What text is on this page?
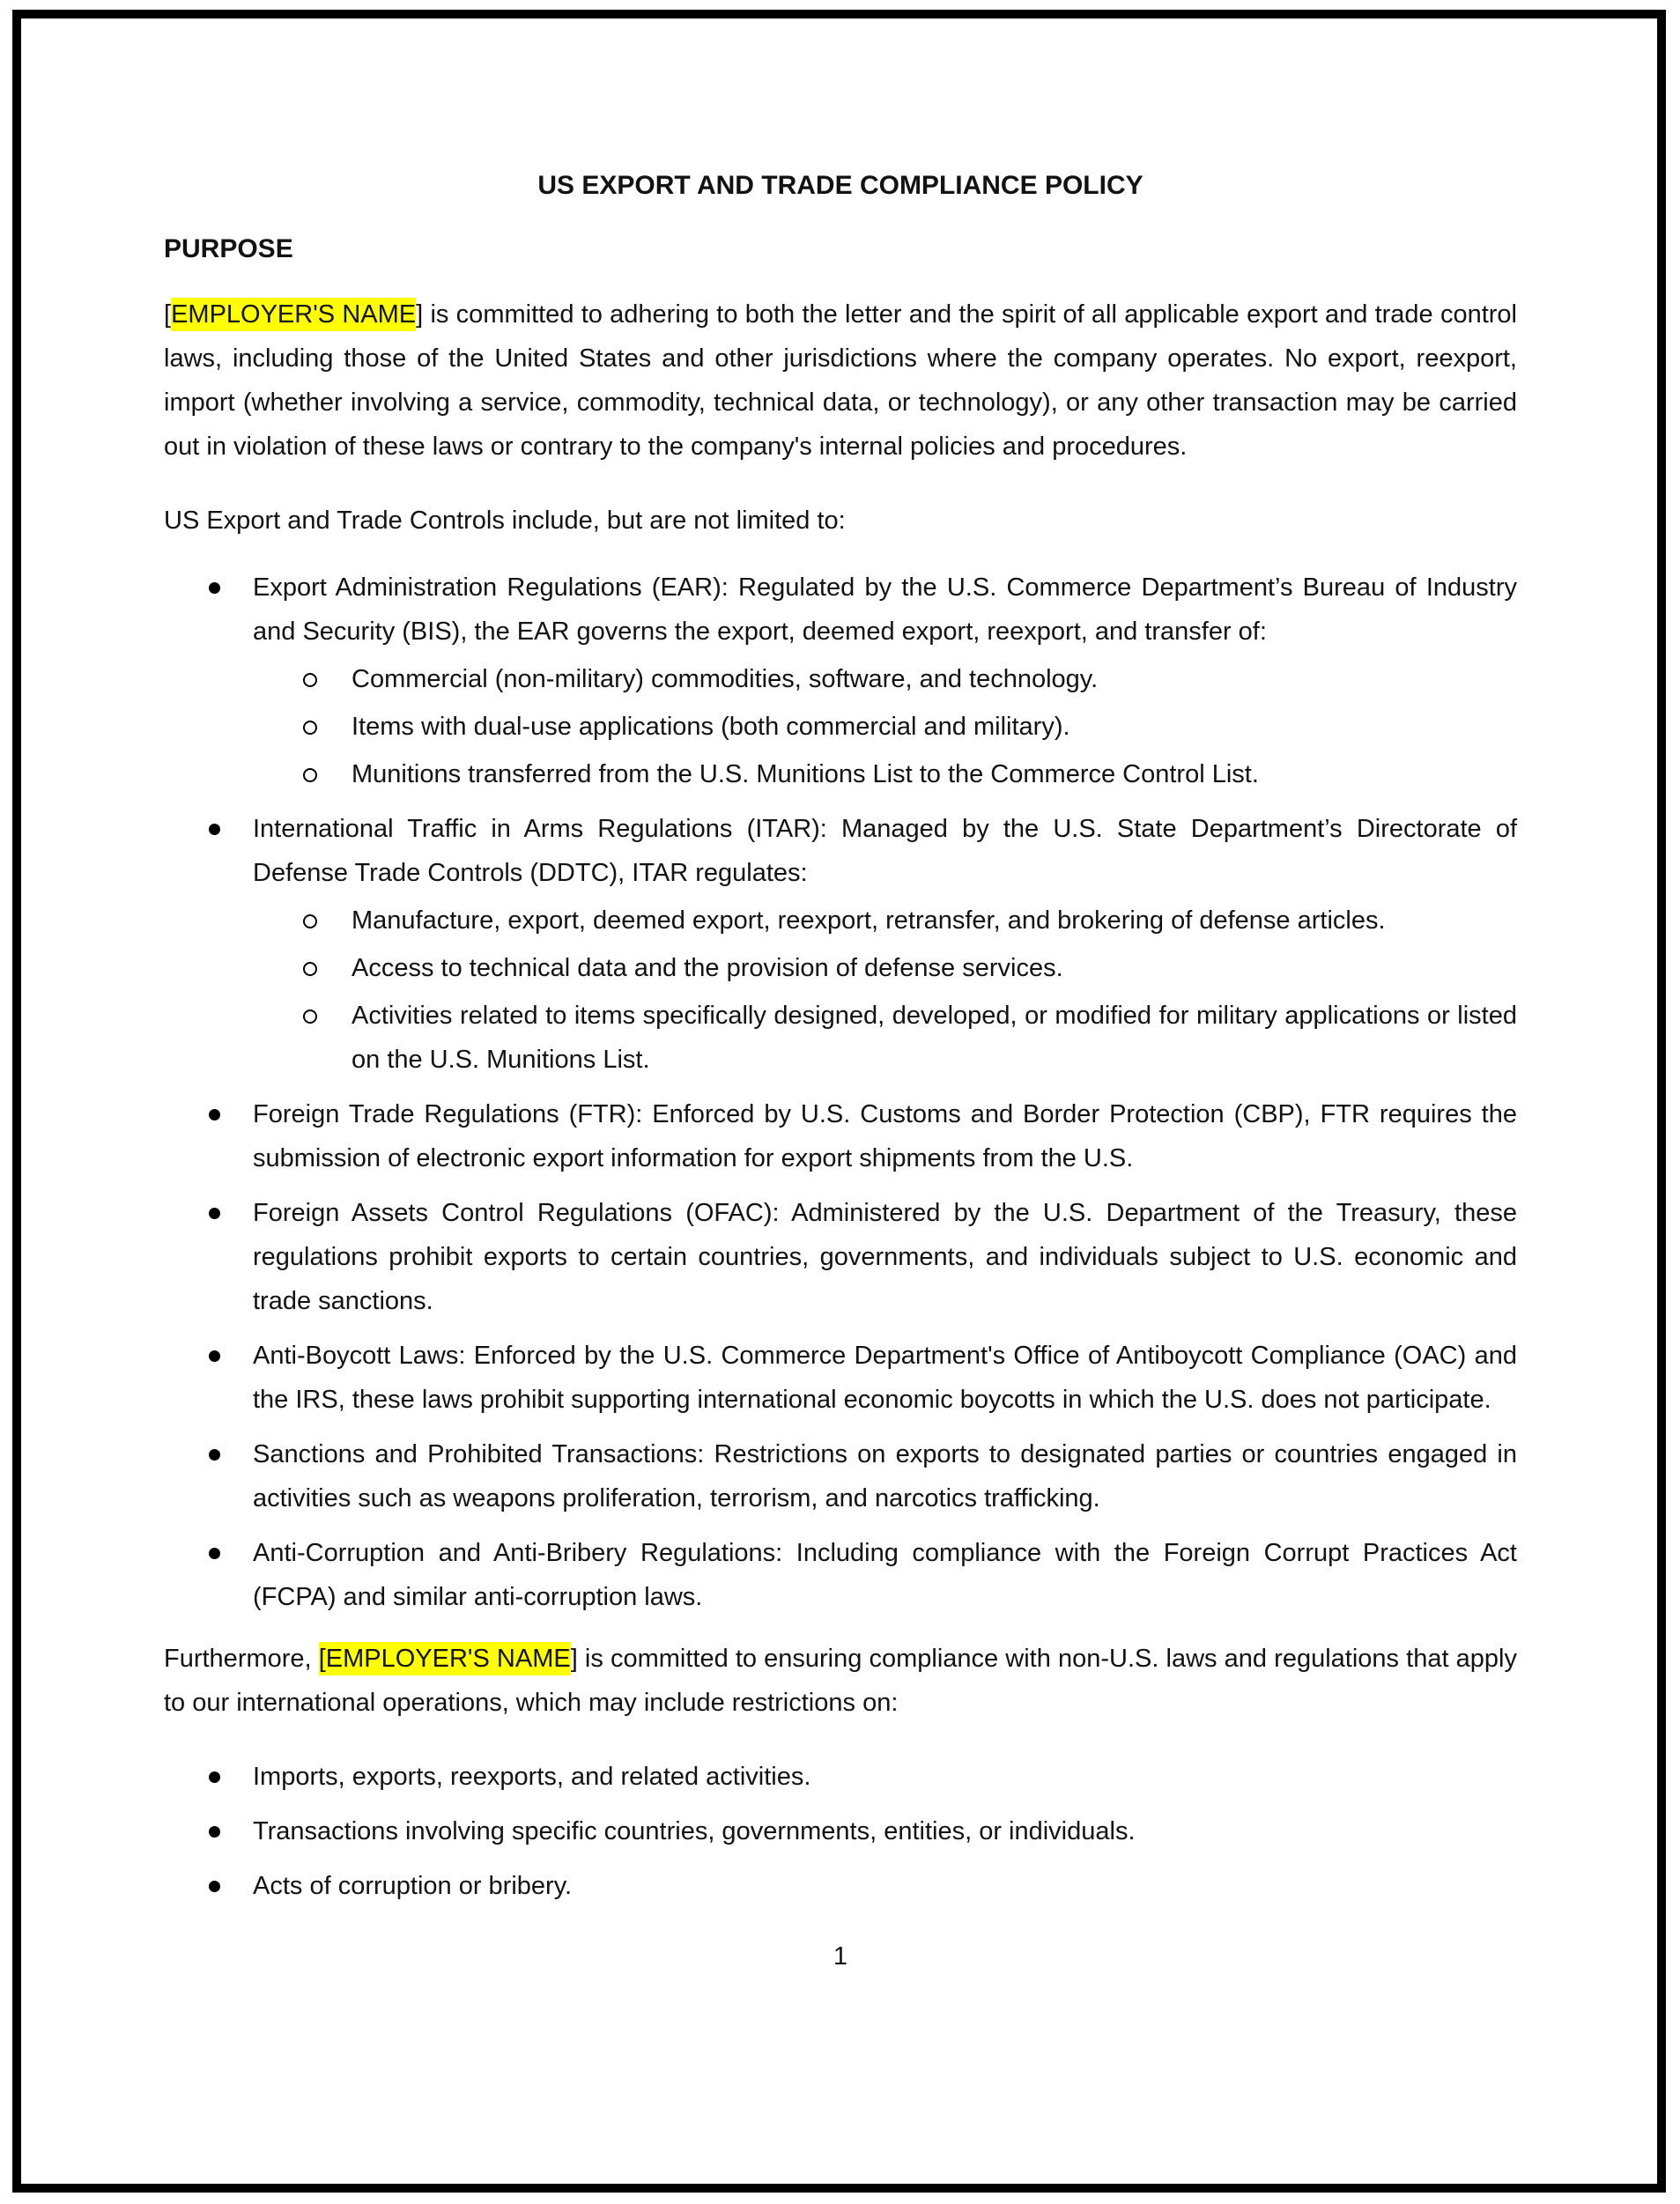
US EXPORT AND TRADE COMPLIANCE POLICY
PURPOSE

[EMPLOYER'S NAME] is committed to adhering to both the letter and the spirit of all applicable export and trade control laws, including those of the United States and other jurisdictions where the company operates. No export, reexport, import (whether involving a service, commodity, technical data, or technology), or any other transaction may be carried out in violation of these laws or contrary to the company's internal policies and procedures.

US Export and Trade Controls include, but are not limited to:

Export Administration Regulations (EAR): Regulated by the U.S. Commerce Department’s Bureau of Industry and Security (BIS), the EAR governs the export, deemed export, reexport, and transfer of:
Commercial (non-military) commodities, software, and technology.
Items with dual-use applications (both commercial and military).
Munitions transferred from the U.S. Munitions List to the Commerce Control List.
International Traffic in Arms Regulations (ITAR): Managed by the U.S. State Department’s Directorate of Defense Trade Controls (DDTC), ITAR regulates:
Manufacture, export, deemed export, reexport, retransfer, and brokering of defense articles.
Access to technical data and the provision of defense services.
Activities related to items specifically designed, developed, or modified for military applications or listed on the U.S. Munitions List.
Foreign Trade Regulations (FTR): Enforced by U.S. Customs and Border Protection (CBP), FTR requires the submission of electronic export information for export shipments from the U.S.
Foreign Assets Control Regulations (OFAC): Administered by the U.S. Department of the Treasury, these regulations prohibit exports to certain countries, governments, and individuals subject to U.S. economic and trade sanctions.
Anti-Boycott Laws: Enforced by the U.S. Commerce Department's Office of Antiboycott Compliance (OAC) and the IRS, these laws prohibit supporting international economic boycotts in which the U.S. does not participate.
Sanctions and Prohibited Transactions: Restrictions on exports to designated parties or countries engaged in activities such as weapons proliferation, terrorism, and narcotics trafficking.
Anti-Corruption and Anti-Bribery Regulations: Including compliance with the Foreign Corrupt Practices Act (FCPA) and similar anti-corruption laws.

Furthermore, [EMPLOYER'S NAME] is committed to ensuring compliance with non-U.S. laws and regulations that apply to our international operations, which may include restrictions on:

Imports, exports, reexports, and related activities.
Transactions involving specific countries, governments, entities, or individuals.
Acts of corruption or bribery.
1
